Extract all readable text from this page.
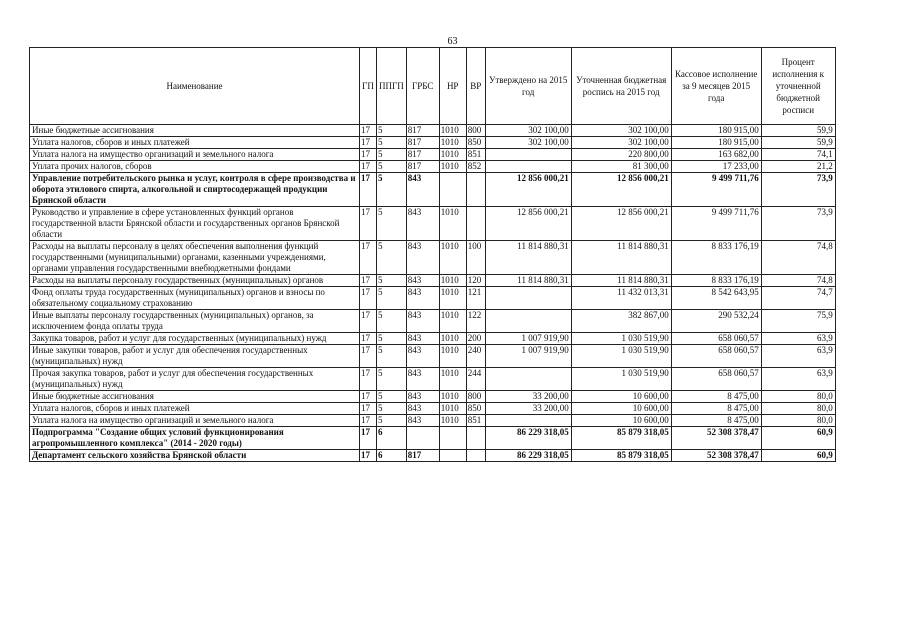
63
Наименование	ГП	ППГП	ГРБС	НР	ВР	Утверждено на 2015 год	Уточненная бюджетная роспись на 2015 год	Кассовое исполнение за 9 месяцев 2015 года	Процент исполнения к уточненной бюджетной росписи
Иные бюджетные ассигнования	17	5	817	1010	800	302 100,00	302 100,00	180 915,00	59,9
Уплата налогов, сборов и иных платежей	17	5	817	1010	850	302 100,00	302 100,00	180 915,00	59,9
Уплата налога на имущество организаций и земельного налога	17	5	817	1010	851		220 800,00	163 682,00	74,1
Уплата прочих налогов, сборов	17	5	817	1010	852		81 300,00	17 233,00	21,2
Управление потребительского рынка и услуг, контроля в сфере производства и оборота этилового спирта, алкогольной и спиртосодержащей продукции Брянской области	17	5	843			12 856 000,21	12 856 000,21	9 499 711,76	73,9
Руководство и управление в сфере установленных функций органов государственной власти Брянской области и государственных органов Брянской области	17	5	843	1010		12 856 000,21	12 856 000,21	9 499 711,76	73,9
Расходы на выплаты персоналу в целях обеспечения выполнения функций государственными (муниципальными) органами, казенными учреждениями, органами управления государственными внебюджетными фондами	17	5	843	1010	100	11 814 880,31	11 814 880,31	8 833 176,19	74,8
Расходы на выплаты персоналу государственных (муниципальных) органов	17	5	843	1010	120	11 814 880,31	11 814 880,31	8 833 176,19	74,8
Фонд оплаты труда государственных (муниципальных) органов и взносы по обязательному социальному страхованию	17	5	843	1010	121		11 432 013,31	8 542 643,95	74,7
Иные выплаты персоналу государственных (муниципальных) органов, за исключением фонда оплаты труда	17	5	843	1010	122		382 867,00	290 532,24	75,9
Закупка товаров, работ и услуг для государственных (муниципальных) нужд	17	5	843	1010	200	1 007 919,90	1 030 519,90	658 060,57	63,9
Иные закупки товаров, работ и услуг для обеспечения государственных (муниципальных) нужд	17	5	843	1010	240	1 007 919,90	1 030 519,90	658 060,57	63,9
Прочая закупка товаров, работ и услуг для обеспечения государственных (муниципальных) нужд	17	5	843	1010	244		1 030 519,90	658 060,57	63,9
Иные бюджетные ассигнования	17	5	843	1010	800	33 200,00	10 600,00	8 475,00	80,0
Уплата налогов, сборов и иных платежей	17	5	843	1010	850	33 200,00	10 600,00	8 475,00	80,0
Уплата налога на имущество организаций и земельного налога	17	5	843	1010	851		10 600,00	8 475,00	80,0
Подпрограмма "Создание общих условий функционирования агропромышленного комплекса" (2014 - 2020 годы)	17	6				86 229 318,05	85 879 318,05	52 308 378,47	60,9
Департамент сельского хозяйства Брянской области	17	6	817			86 229 318,05	85 879 318,05	52 308 378,47	60,9
